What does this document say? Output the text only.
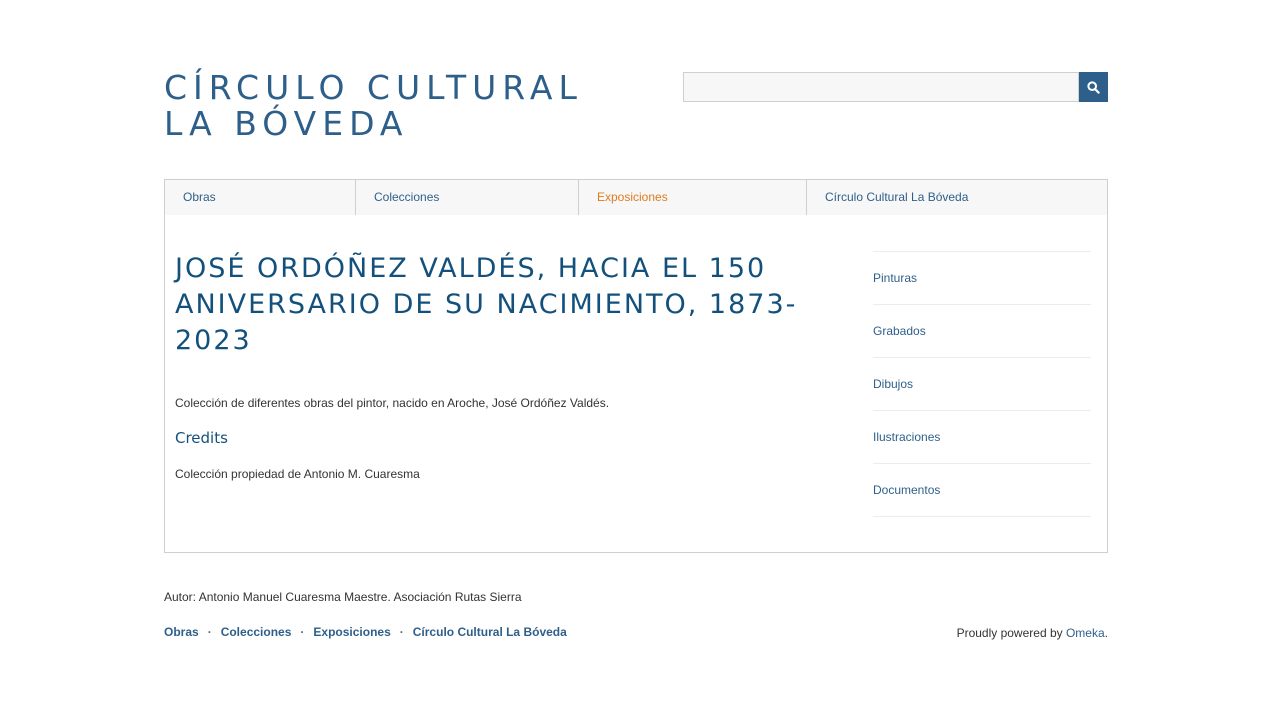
CÍRCULO CULTURAL
LA BÓVEDA
Obras	Colecciones	Exposiciones	Círculo Cultural La Bóveda
JOSÉ ORDÓÑEZ VALDÉS, HACIA EL 150 ANIVERSARIO DE SU NACIMIENTO, 1873-2023

Colección de diferentes obras del pintor, nacido en Aroche, José Ordóñez Valdés.

Credits

Colección propiedad de Antonio M. Cuaresma

Pinturas
Grabados
Dibujos
Ilustraciones
Documentos
Autor: Antonio Manuel Cuaresma Maestre. Asociación Rutas Sierra
Obras · Colecciones · Exposiciones · Círculo Cultural La Bóveda	Proudly powered by Omeka.
